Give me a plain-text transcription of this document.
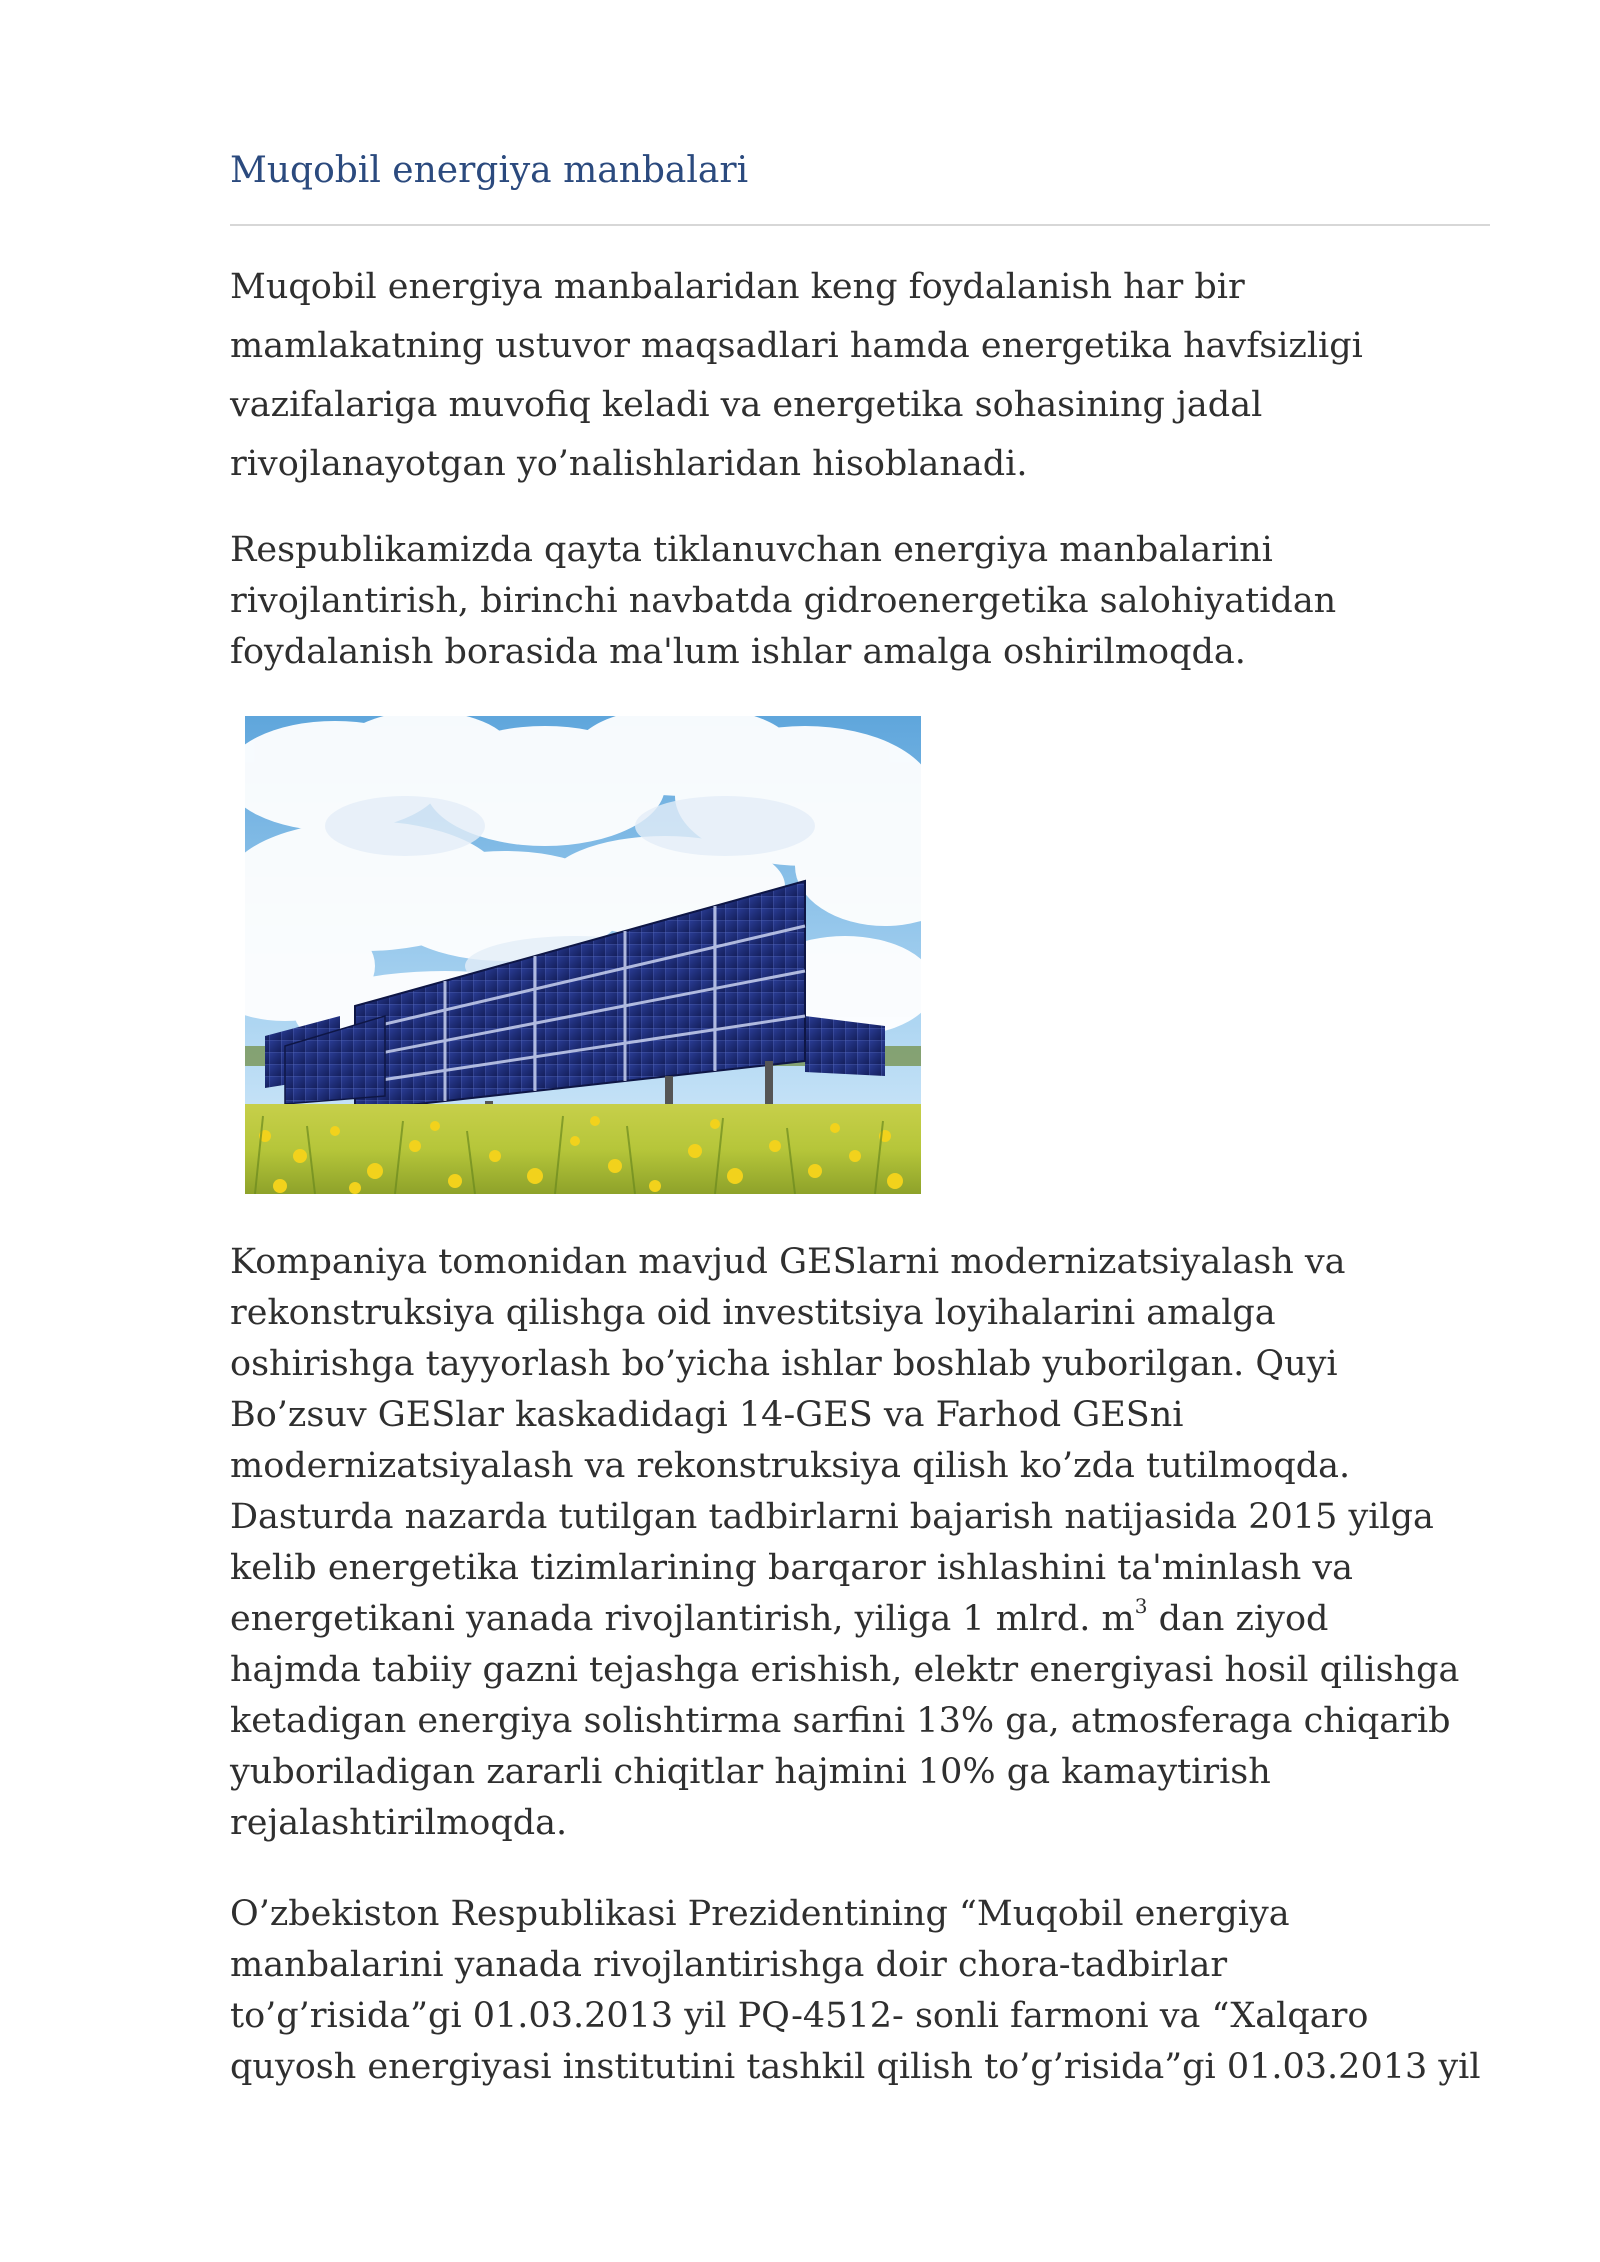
Muqobil energiya manbalari

Muqobil energiya manbalaridan keng foydalanish har bir
mamlakatning ustuvor maqsadlari hamda energetika havfsizligi
vazifalariga muvofiq keladi va energetika sohasining jadal
rivojlanayotgan yo’nalishlaridan hisoblanadi.

Respublikamizda qayta tiklanuvchan energiya manbalarini
rivojlantirish, birinchi navbatda gidroenergetika salohiyatidan
foydalanish borasida ma'lum ishlar amalga oshirilmoqda.

Kompaniya tomonidan mavjud GESlarni modernizatsiyalash va
rekonstruksiya qilishga oid investitsiya loyihalarini amalga
oshirishga tayyorlash bo’yicha ishlar boshlab yuborilgan. Quyi
Bo’zsuv GESlar kaskadidagi 14-GES va Farhod GESni
modernizatsiyalash va rekonstruksiya qilish ko’zda tutilmoqda.
Dasturda nazarda tutilgan tadbirlarni bajarish natijasida 2015 yilga
kelib energetika tizimlarining barqaror ishlashini ta'minlash va
energetikani yanada rivojlantirish, yiliga 1 mlrd. $m^3$ dan ziyod
hajmda tabiiy gazni tejashga erishish, elektr energiyasi hosil qilishga
ketadigan energiya solishtirma sarfini 13% ga, atmosferaga chiqarib
yuboriladigan zararli chiqitlar hajmini 10% ga kamaytirish
rejalashtirilmoqda.

O’zbekiston Respublikasi Prezidentining “Muqobil energiya
manbalarini yanada rivojlantirishga doir chora-tadbirlar
to’g’risida”gi 01.03.2013 yil PQ-4512- sonli farmoni va “Xalqaro
quyosh energiyasi institutini tashkil qilish to’g’risida”gi 01.03.2013 yil
